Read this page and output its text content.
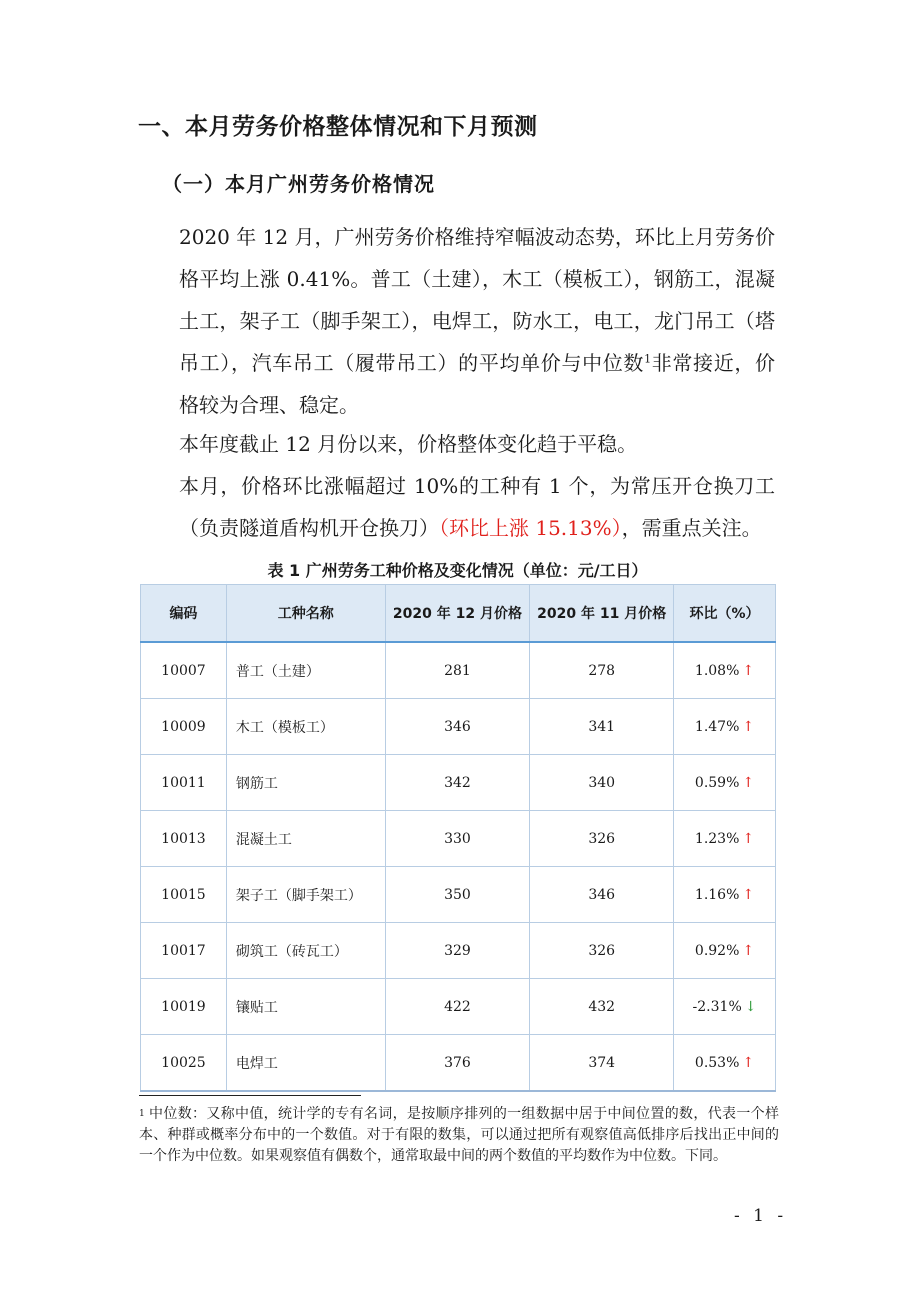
一、本月劳务价格整体情况和下月预测
（一）本月广州劳务价格情况
2020 年 12 月，广州劳务价格维持窄幅波动态势，环比上月劳务价格平均上涨 0.41%。普工（土建），木工（模板工），钢筋工，混凝土工，架子工（脚手架工），电焊工，防水工，电工，龙门吊工（塔吊工），汽车吊工（履带吊工）的平均单价与中位数$^1$非常接近，价格较为合理、稳定。
本年度截止 12 月份以来，价格整体变化趋于平稳。
本月，价格环比涨幅超过 10%的工种有 1 个，为常压开仓换刀工（负责隧道盾构机开仓换刀）（环比上涨 15.13%），需重点关注。
表 1 广州劳务工种价格及变化情况（单位：元/工日）
编码	工种名称	2020 年 12 月价格	2020 年 11 月价格	环比（%）
10007	普工（土建）	281	278	1.08% ↑
10009	木工（模板工）	346	341	1.47% ↑
10011	钢筋工	342	340	0.59% ↑
10013	混凝土工	330	326	1.23% ↑
10015	架子工（脚手架工）	350	346	1.16% ↑
10017	砌筑工（砖瓦工）	329	326	0.92% ↑
10019	镶贴工	422	432	-2.31% ↓
10025	电焊工	376	374	0.53% ↑
$^1$ 中位数：又称中值，统计学的专有名词，是按顺序排列的一组数据中居于中间位置的数，代表一个样本、种群或概率分布中的一个数值。对于有限的数集，可以通过把所有观察值高低排序后找出正中间的一个作为中位数。如果观察值有偶数个，通常取最中间的两个数值的平均数作为中位数。下同。
- 1 -
